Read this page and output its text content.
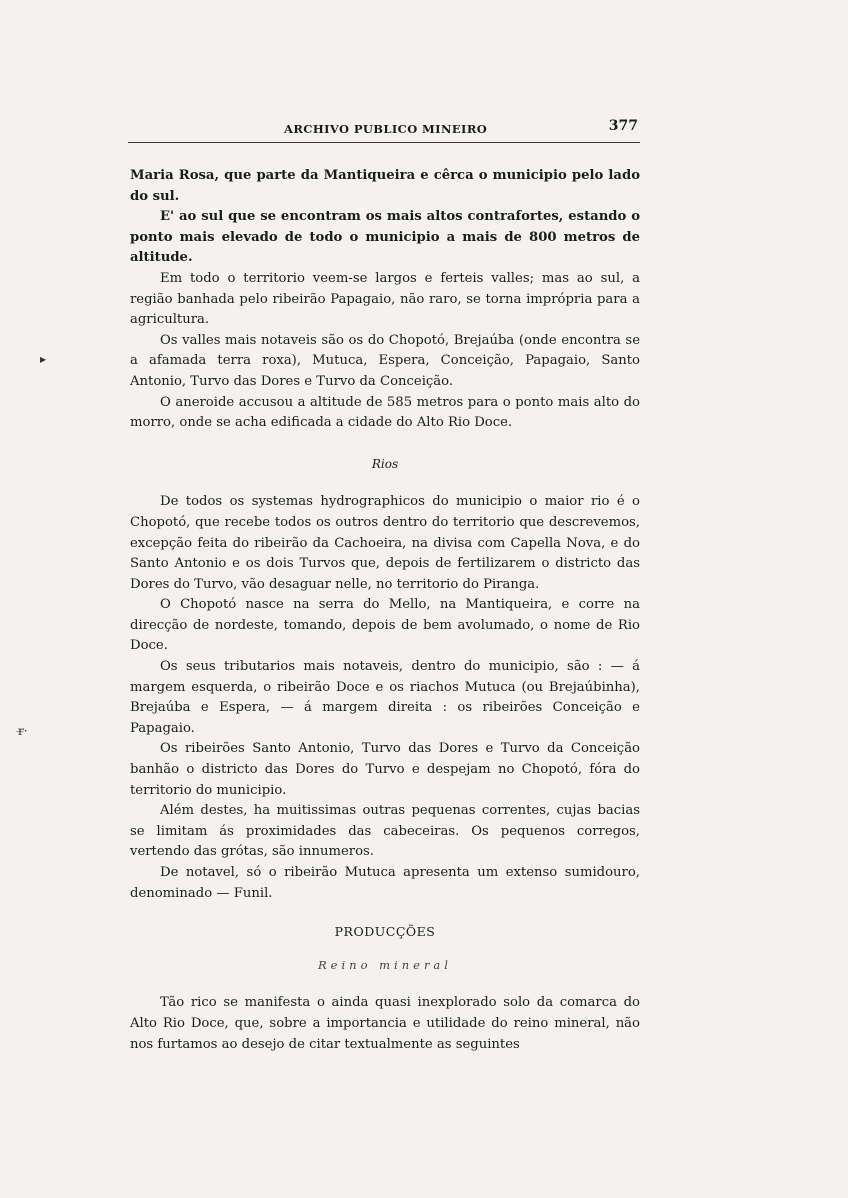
ARCHIVO PUBLICO MINEIRO	377
▸
r̶·

Maria Rosa, que parte da Mantiqueira e cêrca o municipio pelo lado do sul.

E' ao sul que se encontram os mais altos contrafortes, estando o ponto mais elevado de todo o municipio a mais de 800 metros de altitude.

Em todo o territorio veem-se largos e ferteis valles; mas ao sul, a região banhada pelo ribeirão Papagaio, não raro, se torna imprópria para a agricultura.

Os valles mais notaveis são os do Chopotó, Brejaúba (onde encontra se a afamada terra roxa), Mutuca, Espera, Conceição, Papagaio, Santo Antonio, Turvo das Dores e Turvo da Conceição.

O aneroide accusou a altitude de 585 metros para o ponto mais alto do morro, onde se acha edificada a cidade do Alto Rio Doce.

Rios

De todos os systemas hydrographicos do municipio o maior rio é o Chopotó, que recebe todos os outros dentro do territorio que descrevemos, excepção feita do ribeirão da Cachoeira, na divisa com Capella Nova, e do Santo Antonio e os dois Turvos que, depois de fertilizarem o districto das Dores do Turvo, vão desaguar nelle, no territorio do Piranga.

O Chopotó nasce na serra do Mello, na Mantiqueira, e corre na direcção de nordeste, tomando, depois de bem avolumado, o nome de Rio Doce.

Os seus tributarios mais notaveis, dentro do municipio, são : — á margem esquerda, o ribeirão Doce e os riachos Mutuca (ou Brejaúbinha), Brejaúba e Espera, — á margem direita : os ribeirões Conceição e Papagaio.

Os ribeirões Santo Antonio, Turvo das Dores e Turvo da Conceição banhão o districto das Dores do Turvo e despejam no Chopotó, fóra do territorio do municipio.

Além destes, ha muitissimas outras pequenas correntes, cujas bacias se limitam ás proximidades das cabeceiras. Os pequenos corregos, vertendo das grótas, são innumeros.

De notavel, só o ribeirão Mutuca apresenta um extenso sumidouro, denominado — Funil.

PRODUCÇÕES
Reino mineral

Tão rico se manifesta o ainda quasi inexplorado solo da comarca do Alto Rio Doce, que, sobre a importancia e utilidade do reino mineral, não nos furtamos ao desejo de citar textualmente as seguintes
